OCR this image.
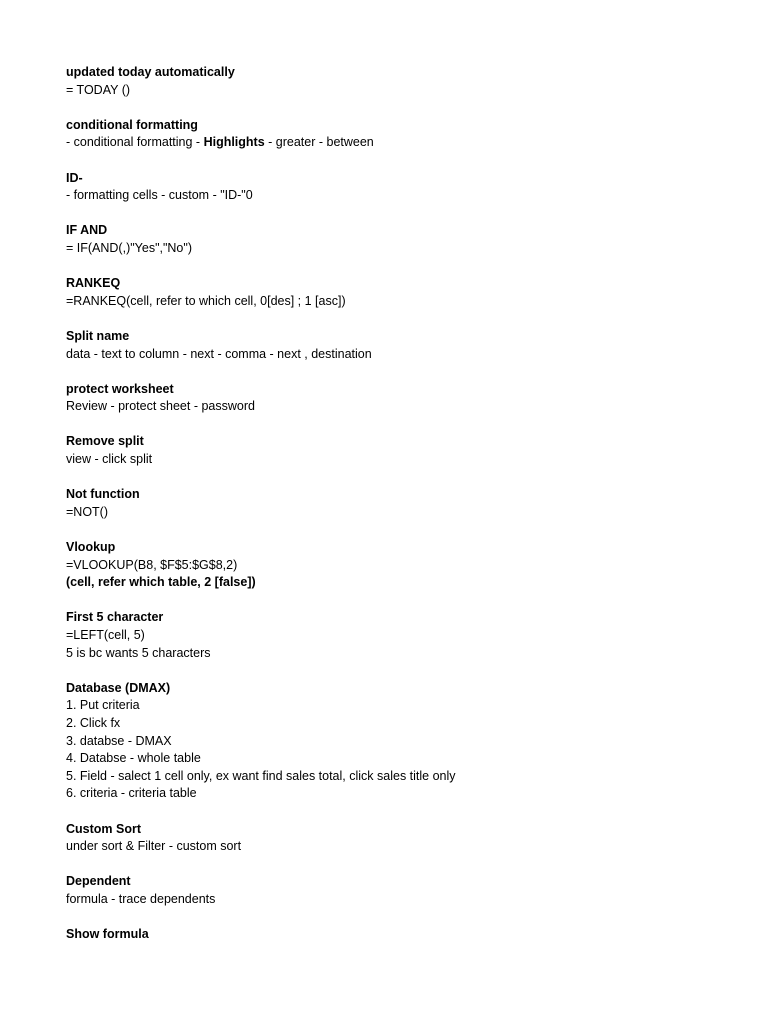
updated today automatically
= TODAY ()
conditional formatting
- conditional formatting - Highlights - greater - between
ID-
- formatting cells - custom - "ID-"0
IF AND
= IF(AND(,)"Yes","No")
RANKEQ
=RANKEQ(cell, refer to which cell, 0[des] ; 1 [asc])
Split name
data - text to column - next - comma - next , destination
protect worksheet
Review - protect sheet - password
Remove split
view - click split
Not function
=NOT()
Vlookup
=VLOOKUP(B8, $F$5:$G$8,2)
(cell, refer which table, 2 [false])
First 5 character
=LEFT(cell, 5)
5 is bc wants 5 characters
Database (DMAX)
1. Put criteria
2. Click fx
3. databse - DMAX
4. Databse - whole table
5. Field - salect 1 cell only, ex want find sales total, click sales title only
6. criteria - criteria table
Custom Sort
under sort & Filter - custom sort
Dependent
formula - trace dependents
Show formula
